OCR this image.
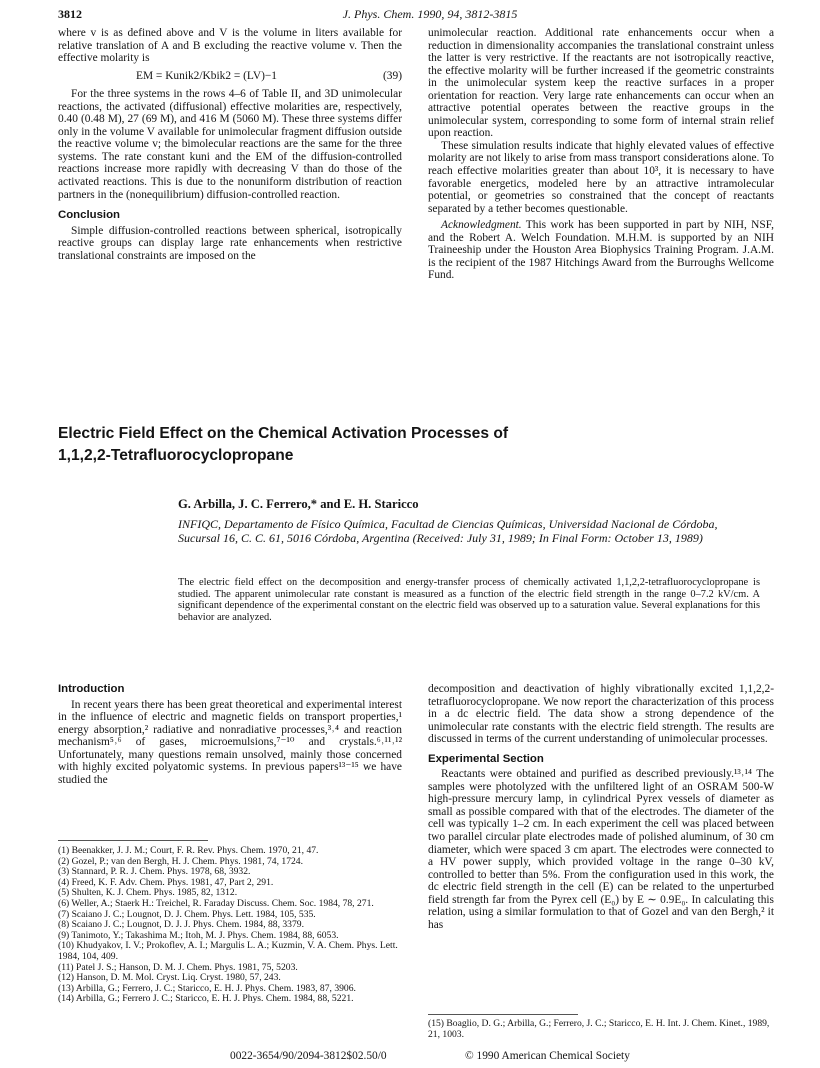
3812	J. Phys. Chem. 1990, 94, 3812-3815

where v is as defined above and V is the volume in liters available for relative translation of A and B excluding the reactive volume v. Then the effective molarity is

EM = Kunik2/Kbik2 = (LV)−1	(39)

For the three systems in the rows 4–6 of Table II, and 3D unimolecular reactions, the activated (diffusional) effective molarities are, respectively, 0.40 (0.48 M), 27 (69 M), and 416 M (5060 M). These three systems differ only in the volume V available for unimolecular fragment diffusion outside the reactive volume v; the bimolecular reactions are the same for the three systems. The rate constant kuni and the EM of the diffusion-controlled reactions increase more rapidly with decreasing V than do those of the activated reactions. This is due to the nonuniform distribution of reaction partners in the (nonequilibrium) diffusion-controlled reaction.

Conclusion

Simple diffusion-controlled reactions between spherical, isotropically reactive groups can display large rate enhancements when restrictive translational constraints are imposed on the

unimolecular reaction. Additional rate enhancements occur when a reduction in dimensionality accompanies the translational constraint unless the latter is very restrictive. If the reactants are not isotropically reactive, the effective molarity will be further increased if the geometric constraints in the unimolecular system keep the reactive surfaces in a proper orientation for reaction. Very large rate enhancements can occur when an attractive potential operates between the reactive groups in the unimolecular system, corresponding to some form of internal strain relief upon reaction.

These simulation results indicate that highly elevated values of effective molarity are not likely to arise from mass transport considerations alone. To reach effective molarities greater than about 10³, it is necessary to have favorable energetics, modeled here by an attractive intramolecular potential, or geometries so constrained that the concept of reactants separated by a tether becomes questionable.

Acknowledgment. This work has been supported in part by NIH, NSF, and the Robert A. Welch Foundation. M.H.M. is supported by an NIH Traineeship under the Houston Area Biophysics Training Program. J.A.M. is the recipient of the 1987 Hitchings Award from the Burroughs Wellcome Fund.

Electric Field Effect on the Chemical Activation Processes of
1,1,2,2-Tetrafluorocyclopropane
G. Arbilla, J. C. Ferrero,* and E. H. Staricco
INFIQC, Departamento de Físico Química, Facultad de Ciencias Químicas, Universidad Nacional de Córdoba,
Sucursal 16, C. C. 61, 5016 Córdoba, Argentina (Received: July 31, 1989; In Final Form: October 13, 1989)
The electric field effect on the decomposition and energy-transfer process of chemically activated 1,1,2,2-tetrafluorocyclopropane is studied. The apparent unimolecular rate constant is measured as a function of the electric field strength in the range 0–7.2 kV/cm. A significant dependence of the experimental constant on the electric field was observed up to a saturation value. Several explanations for this behavior are analyzed.
Introduction

In recent years there has been great theoretical and experimental interest in the influence of electric and magnetic fields on transport properties,¹ energy absorption,² radiative and nonradiative processes,³˒⁴ and reaction mechanism⁵˒⁶ of gases, microemulsions,⁷⁻¹⁰ and crystals.⁶˒¹¹˒¹² Unfortunately, many questions remain unsolved, mainly those concerned with highly excited polyatomic systems. In previous papers¹³⁻¹⁵ we have studied the

(1) Beenakker, J. J. M.; Court, F. R. Rev. Phys. Chem. 1970, 21, 47.
(2) Gozel, P.; van den Bergh, H. J. Chem. Phys. 1981, 74, 1724.
(3) Stannard, P. R. J. Chem. Phys. 1978, 68, 3932.
(4) Freed, K. F. Adv. Chem. Phys. 1981, 47, Part 2, 291.
(5) Shulten, K. J. Chem. Phys. 1985, 82, 1312.
(6) Weller, A.; Staerk H.: Treichel, R. Faraday Discuss. Chem. Soc. 1984, 78, 271.
(7) Scaiano J. C.; Lougnot, D. J. Chem. Phys. Lett. 1984, 105, 535.
(8) Scaiano J. C.; Lougnot, D. J. J. Phys. Chem. 1984, 88, 3379.
(9) Tanimoto, Y.; Takashima M.; Itoh, M. J. Phys. Chem. 1984, 88, 6053.
(10) Khudyakov, I. V.; Prokoflev, A. I.; Margulis L. A.; Kuzmin, V. A. Chem. Phys. Lett. 1984, 104, 409.
(11) Patel J. S.; Hanson, D. M. J. Chem. Phys. 1981, 75, 5203.
(12) Hanson, D. M. Mol. Cryst. Liq. Cryst. 1980, 57, 243.
(13) Arbilla, G.; Ferrero, J. C.; Staricco, E. H. J. Phys. Chem. 1983, 87, 3906.
(14) Arbilla, G.; Ferrero J. C.; Staricco, E. H. J. Phys. Chem. 1984, 88, 5221.

decomposition and deactivation of highly vibrationally excited 1,1,2,2-tetrafluorocyclopropane. We now report the characterization of this process in a dc electric field. The data show a strong dependence of the unimolecular rate constants with the electric field strength. The results are discussed in terms of the current understanding of unimolecular processes.

Experimental Section

Reactants were obtained and purified as described previously.¹³˒¹⁴ The samples were photolyzed with the unfiltered light of an OSRAM 500-W high-pressure mercury lamp, in cylindrical Pyrex vessels of diameter as small as possible compared with that of the electrodes. The diameter of the cell was typically 1–2 cm. In each experiment the cell was placed between two parallel circular plate electrodes made of polished aluminum, of 30 cm diameter, which were spaced 3 cm apart. The electrodes were connected to a HV power supply, which provided voltage in the range 0–30 kV, controlled to better than 5%. From the configuration used in this work, the dc electric field strength in the cell (E) can be related to the unperturbed field strength far from the Pyrex cell (E₀) by E ∼ 0.9E₀. In calculating this relation, using a similar formulation to that of Gozel and van den Bergh,² it has

(15) Boaglio, D. G.; Arbilla, G.; Ferrero, J. C.; Staricco, E. H. Int. J. Chem. Kinet., 1989, 21, 1003.
0022-3654/90/2094-3812$02.50/0	© 1990 American Chemical Society
